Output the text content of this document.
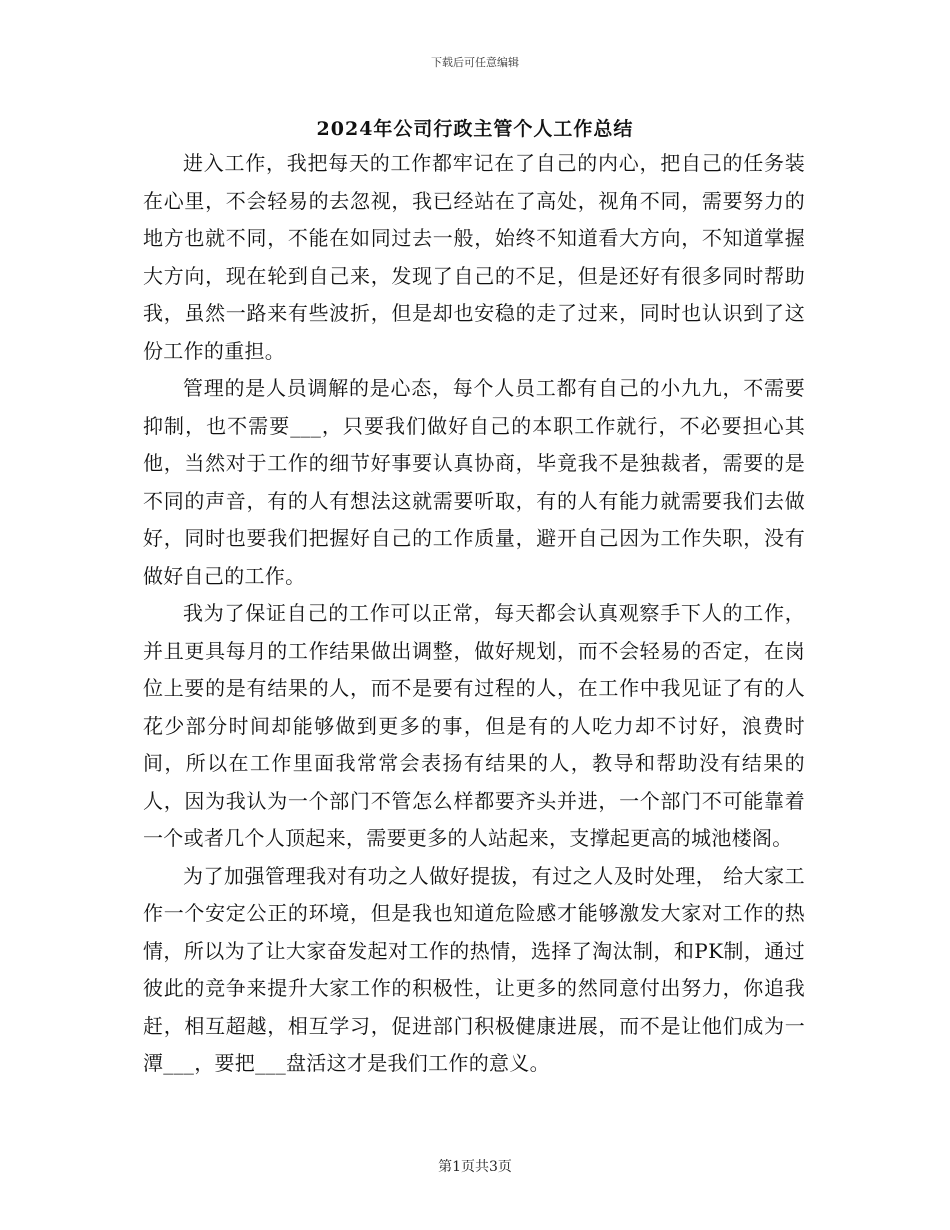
下载后可任意编辑
2024年公司行政主管个人工作总结

进入工作，我把每天的工作都牢记在了自己的内心，把自己的任务装在心里，不会轻易的去忽视，我已经站在了高处，视角不同，需要努力的地方也就不同，不能在如同过去一般，始终不知道看大方向，不知道掌握大方向，现在轮到自己来，发现了自己的不足，但是还好有很多同时帮助我，虽然一路来有些波折，但是却也安稳的走了过来，同时也认识到了这份工作的重担。

管理的是人员调解的是心态，每个人员工都有自己的小九九，不需要抑制，也不需要___，只要我们做好自己的本职工作就行，不必要担心其他，当然对于工作的细节好事要认真协商，毕竟我不是独裁者，需要的是不同的声音，有的人有想法这就需要听取，有的人有能力就需要我们去做好，同时也要我们把握好自己的工作质量，避开自己因为工作失职，没有做好自己的工作。

我为了保证自己的工作可以正常，每天都会认真观察手下人的工作，并且更具每月的工作结果做出调整，做好规划，而不会轻易的否定，在岗位上要的是有结果的人，而不是要有过程的人，在工作中我见证了有的人花少部分时间却能够做到更多的事，但是有的人吃力却不讨好，浪费时间，所以在工作里面我常常会表扬有结果的人，教导和帮助没有结果的人，因为我认为一个部门不管怎么样都要齐头并进，一个部门不可能靠着一个或者几个人顶起来，需要更多的人站起来，支撑起更高的城池楼阁。

为了加强管理我对有功之人做好提拔，有过之人及时处理， 给大家工作一个安定公正的环境，但是我也知道危险感才能够激发大家对工作的热情，所以为了让大家奋发起对工作的热情，选择了淘汰制，和PK制，通过彼此的竞争来提升大家工作的积极性，让更多的然同意付出努力，你追我赶，相互超越，相互学习，促进部门积极健康进展，而不是让他们成为一潭___，要把___盘活这才是我们工作的意义。

第1页共3页
